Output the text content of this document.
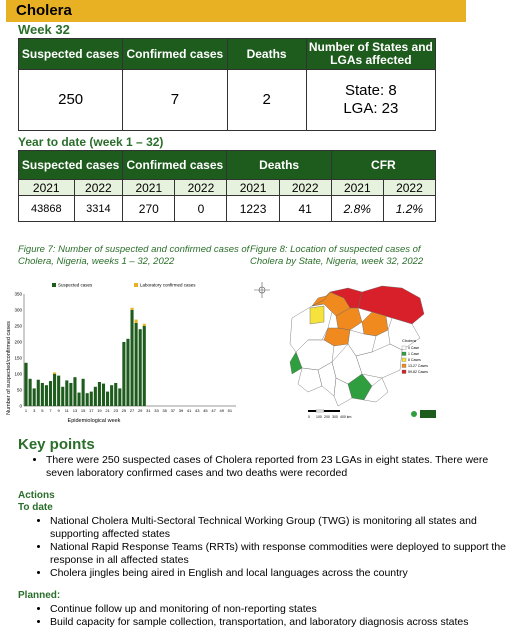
Cholera
Week 32
Suspected cases	Confirmed cases	Deaths	Number of States and LGAs affected
250	7	2	State: 8
LGA: 23
Year to date (week 1 – 32)
Suspected cases		Confirmed cases		Deaths		CFR	
2021	2022	2021	2022	2021	2022	2021	2022
43868	3314	270	0	1223	41	2.8%	1.2%
Figure 7: Number of suspected and confirmed cases of Cholera, Nigeria, weeks 1 – 32, 2022
Figure 8: Location of suspected cases of Cholera by State, Nigeria, week 32, 2022
Suspected cases	Laboratory confirmed cases
0
50
100
150
200
250
300
350
1 3 5 7 9 11 13 15 17 19 21 23 25 27 29 31 33 35 37 39 41 43 45 47 49 51
Number of suspected/confirmed cases
Epidemiological week
Cholera
0 Case
1 Case
8 Cases
13-27 Cases
59-82 Cases
0 100 200 300 400 km
Key points
• There were 250 suspected cases of Cholera reported from 23 LGAs in eight states. There were seven laboratory confirmed cases and two deaths were recorded
Actions
To date
• National Cholera Multi-Sectoral Technical Working Group (TWG) is monitoring all states and supporting affected states
• National Rapid Response Teams (RRTs) with response commodities were deployed to support the response in all affected states
• Cholera jingles being aired in English and local languages across the country
Planned:
• Continue follow up and monitoring of non-reporting states
• Build capacity for sample collection, transportation, and laboratory diagnosis across states
